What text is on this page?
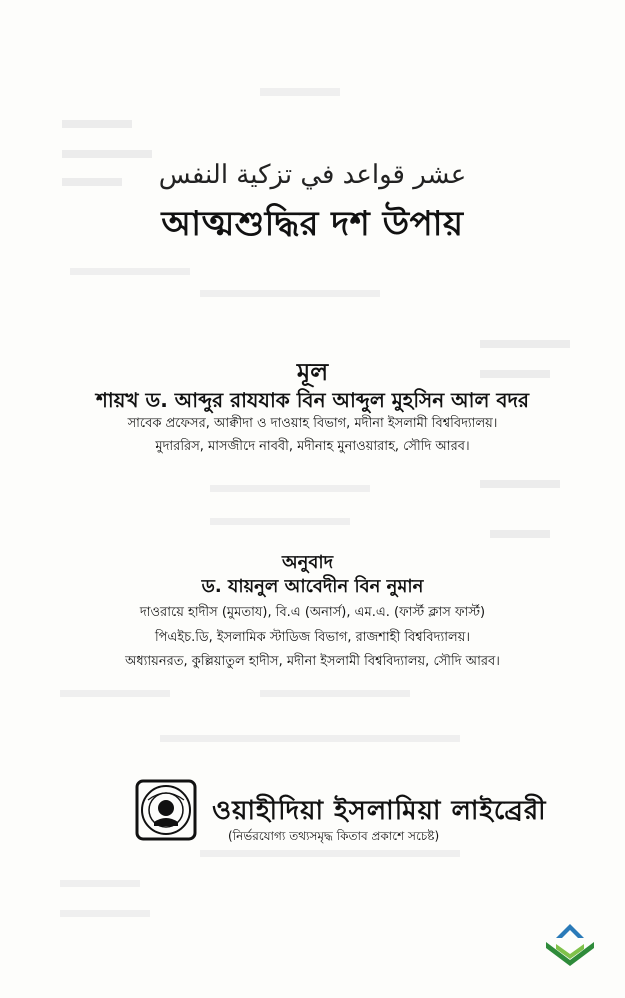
عشر قواعد في تزكية النفس
আত্মশুদ্ধির দশ উপায়
মূল
শায়খ ড. আব্দুর রাযযাক বিন আব্দুল মুহসিন আল বদর
সাবেক প্রফেসর, আক্বীদা ও দাওয়াহ বিভাগ, মদীনা ইসলামী বিশ্ববিদ্যালয়।
মুদাররিস, মাসজীদে নাববী, মদীনাহ মুনাওয়ারাহ, সৌদি আরব।
অনুবাদ
ড. যায়নুল আবেদীন বিন নুমান
দাওরায়ে হাদীস (মুমতায), বি.এ (অনার্স), এম.এ. (ফার্স্ট ক্লাস ফার্স্ট)
পিএইচ.ডি, ইসলামিক স্টাডিজ বিভাগ, রাজশাহী বিশ্ববিদ্যালয়।
অধ্যায়নরত, কুল্লিয়াতুল হাদীস, মদীনা ইসলামী বিশ্ববিদ্যালয়, সৌদি আরব।
ওয়াহীদিয়া ইসলামিয়া লাইব্রেরী
(নির্ভরযোগ্য তথ্যসমৃদ্ধ কিতাব প্রকাশে সচেষ্ট)
